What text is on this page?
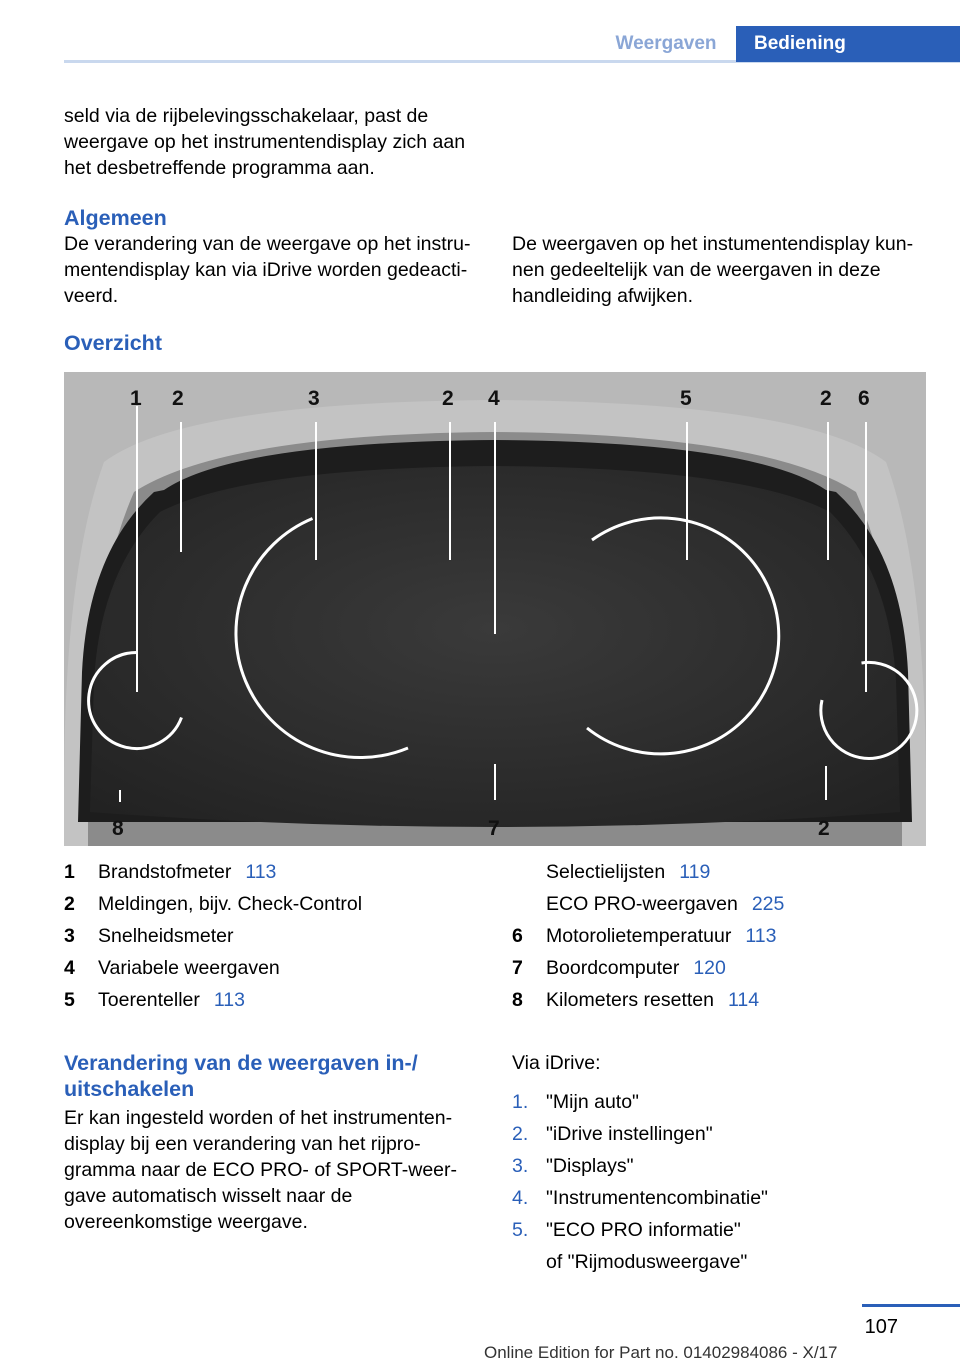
Weergaven	Bediening
seld via de rijbelevingsschakelaar, past de weergave op het instrumentendisplay zich aan het desbetreffende programma aan.
Algemeen
De verandering van de weergave op het instrumentendisplay kan via iDrive worden gedeactiveerd.
De weergaven op het instumentendisplay kunnen gedeeltelijk van de weergaven in deze handleiding afwijken.
Overzicht
1 2	3	2 4	5	2 6
8	7	2
1 Brandstofmeter 113
2 Meldingen, bijv. Check-Control
3 Snelheidsmeter
4 Variabele weergaven
5 Toerenteller 113
Selectielijsten 119
ECO PRO-weergaven 225
6 Motorolietemperatuur 113
7 Boordcomputer 120
8 Kilometers resetten 114
Verandering van de weergaven in-/
uitschakelen
Er kan ingesteld worden of het instrumentendisplay bij een verandering van het rijprogramma naar de ECO PRO- of SPORT-weergave automatisch wisselt naar de overeenkomstige weergave.
Via iDrive:
1. "Mijn auto"
2. "iDrive instellingen"
3. "Displays"
4. "Instrumentencombinatie"
5. "ECO PRO informatie"
of "Rijmodusweergave"
107
Online Edition for Part no. 01402984086 - X/17
